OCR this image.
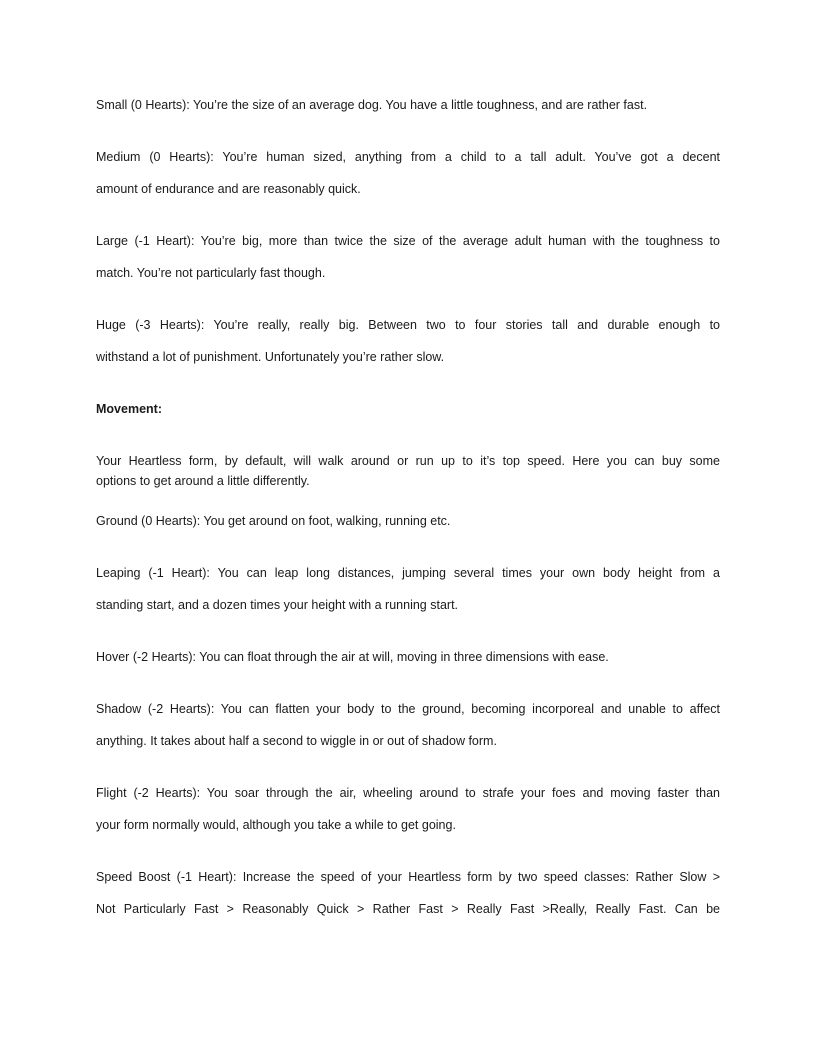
Small (0 Hearts): You’re the size of an average dog. You have a little toughness, and are rather fast.

Medium (0 Hearts): You’re human sized, anything from a child to a tall adult. You’ve got a decent
amount of endurance and are reasonably quick.

Large (-1 Heart): You’re big, more than twice the size of the average adult human with the toughness to
match. You’re not particularly fast though.

Huge (-3 Hearts): You’re really, really big. Between two to four stories tall and durable enough to
withstand a lot of punishment. Unfortunately you’re rather slow.

Movement:

Your Heartless form, by default, will walk around or run up to it’s top speed. Here you can buy some
options to get around a little differently.

Ground (0 Hearts): You get around on foot, walking, running etc.

Leaping (-1 Heart): You can leap long distances, jumping several times your own body height from a
standing start, and a dozen times your height with a running start.

Hover (-2 Hearts): You can float through the air at will, moving in three dimensions with ease.

Shadow (-2 Hearts): You can flatten your body to the ground, becoming incorporeal and unable to affect
anything. It takes about half a second to wiggle in or out of shadow form.

Flight (-2 Hearts): You soar through the air, wheeling around to strafe your foes and moving faster than
your form normally would, although you take a while to get going.

Speed Boost (-1 Heart): Increase the speed of your Heartless form by two speed classes: Rather Slow >
Not Particularly Fast > Reasonably Quick > Rather Fast > Really Fast >Really, Really Fast. Can be
